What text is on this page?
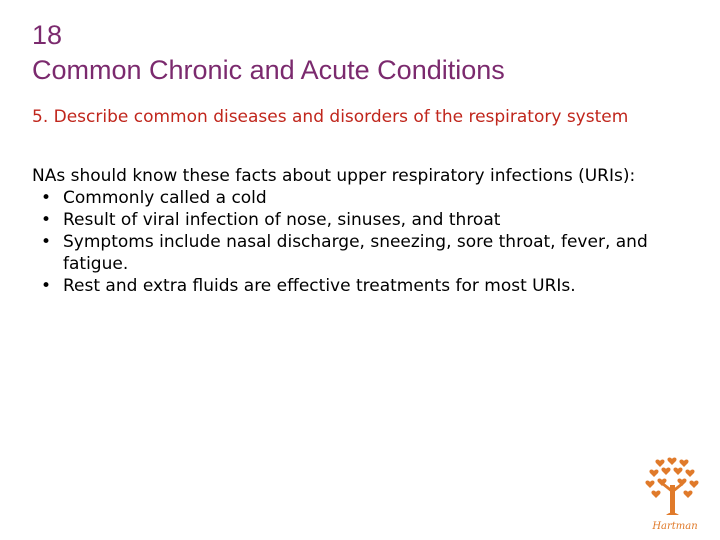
18
Common Chronic and Acute Conditions
5. Describe common diseases and disorders of the respiratory system
NAs should know these facts about upper respiratory infections (URIs):
• Commonly called a cold
• Result of viral infection of nose, sinuses, and throat
• Symptoms include nasal discharge, sneezing, sore throat, fever, and fatigue.
• Rest and extra fluids are effective treatments for most URIs.
Hartman
